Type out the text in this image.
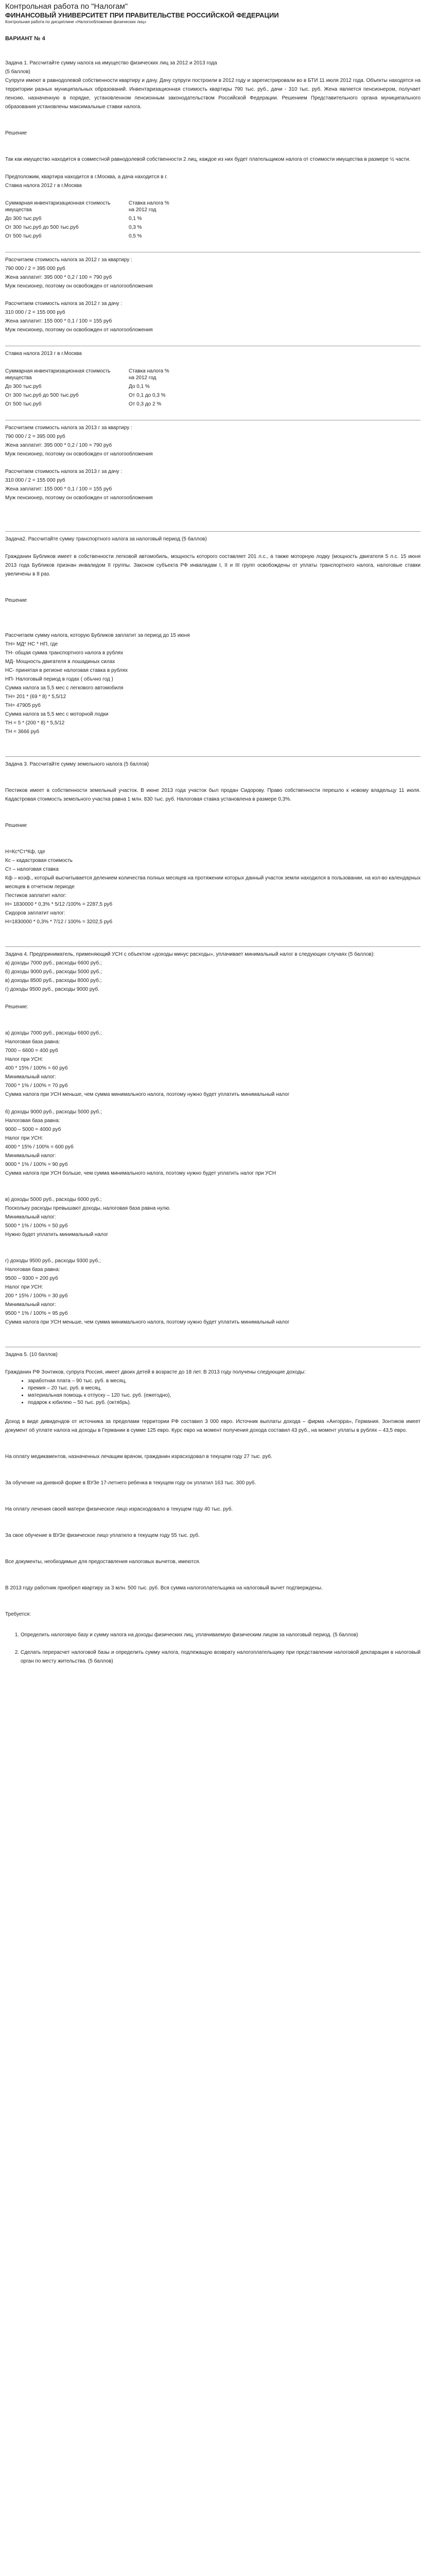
Контрольная работа по "Налогам"
ФИНАНСОВЫЙ УНИВЕРСИТЕТ ПРИ ПРАВИТЕЛЬСТВЕ РОССИЙСКОЙ ФЕДЕРАЦИИ

Контрольная работа по дисциплине «Налогообложение физических лиц»

ВАРИАНТ № 4

Задача 1. Рассчитайте сумму налога на имущество физических лиц за 2012 и 2013 года

(5 баллов)

Супруги имеют в равнодолевой собственности квартиру и дачу. Дачу супруги построили в 2012 году и зарегистрировали во в БТИ 11 июля 2012 года. Объекты находятся на территории разных муниципальных образований. Инвентаризационная стоимость квартиры 790 тыс. руб., дачи - 310 тыс. руб. Жена является пенсионером, получает пенсию, назначенную в порядке, установленном пенсионным законодательством Российской Федерации. Решением Представительного органа муниципального образования установлены максимальные ставки налога.

Решение

Так как имущество находится в совместной равнодолевой собственности 2 лиц, каждое из них будет плательщиком налога от стоимости имущества в размере ½ части.

Предположим, квартира находится в г.Москва, а дача находится в г.

Ставка налога 2012 г в г.Москва

Суммарная инвентаризационная стоимость имущества	Ставка налога % на 2012 год
До 300 тыс.руб	0,1 %
От 300 тыс.руб до 500 тыс.руб	0,3 %
От 500 тыс.руб	0,5 %

Рассчитаем стоимость налога за 2012 г за квартиру :

790 000 / 2 = 395 000 руб

Жена заплатит: 395 000 * 0,2 / 100 = 790 руб

Муж пенсионер, поэтому он освобожден от налогообложения

Рассчитаем стоимость налога за 2012 г за дачу :

310 000 / 2 = 155 000 руб

Жена заплатит: 155 000 * 0,1 / 100 = 155 руб

Муж пенсионер, поэтому он освобожден от налогообложения

Ставка налога 2013 г в г.Москва

Суммарная инвентаризационная стоимость имущества	Ставка налога % на 2012 год
До 300 тыс.руб	До 0,1 %
От 300 тыс.руб до 500 тыс.руб	От 0,1 до 0,3 %
От 500 тыс.руб	От 0,3 до 2 %

Рассчитаем стоимость налога за 2013 г за квартиру :

790 000 / 2 = 395 000 руб

Жена заплатит: 395 000 * 0,2 / 100 = 790 руб

Муж пенсионер, поэтому он освобожден от налогообложения

Рассчитаем стоимость налога за 2013 г за дачу :

310 000 / 2 = 155 000 руб

Жена заплатит: 155 000 * 0,1 / 100 = 155 руб

Муж пенсионер, поэтому он освобожден от налогообложения

Задача2. Рассчитайте сумму транспортного налога за налоговый период (5 баллов)

Гражданин Бубликов имеет в собственности легковой автомобиль, мощность которого составляет 201 л.с., а также моторную лодку (мощность двигателя 5 л.с. 15 июня 2013 года Бубликов признан инвалидом II группы. Законом субъекта РФ инвалидам I, II и III групп освобождены от уплаты транспортного налога, налоговые ставки увеличены в 8 раз.

Решение

Рассчитаем сумму налога, которую Бубликов заплатит за период до 15 июня

ТН= МД* НС * НП, где

ТН- общая сумма транспортного налога в рублях

МД- Мощность двигателя в лошадиных силах

НС- принятая в регионе налоговая ставка в рублях

НП- Налоговый период в годах ( объчно год )

Сумма налога за 5,5 мес с легкового автомобиля

ТН= 201 * (69 * 8) * 5,5/12

ТН= 47905 руб

Сумма налога за 5,5 мес с моторной лодки

ТН = 5 * (200 * 8) * 5,5/12

ТН = 3666 руб

Задача 3. Рассчитайте сумму земельного налога (5 баллов)

Пестиков имеет в собственности земельный участок. В июне 2013 года участок был продан Сидорову. Право собственности перешло к новому владельцу 11 июля. Кадастровая стоимость земельного участка равна 1 млн. 830 тыс. руб. Налоговая ставка установлена в размере 0,3%.

Решение

Н=Кс*Ст*Кф, где

Кс – кадастровая стоимость

Ст – налоговая ставка

Кф – коэф., который высчитывается делением количества полных месяцев на протяжении которых данный участок земли находился в пользовании, на кол-во календарных месяцев в отчетном периоде

Пестиков заплатит налог:

Н= 1830000 * 0,3% * 5/12 /100% = 2287,5 руб

Сидоров заплатит налог:

Н=1830000 * 0,3% * 7/12 / 100% = 3202,5 руб

Задача 4. Предприниматель, применяющий УСН с объектом «доходы минус расходы», уплачивает минимальный налог в следующих случаях (5 баллов):

а) доходы 7000 руб., расходы 6600 руб.;

б) доходы 9000 руб., расходы 5000 руб.;

в) доходы 8500 руб., расходы 8000 руб.;

г) доходы 9500 руб., расходы 9000 руб.

Решение:

а) доходы 7000 руб., расходы 6600 руб.;

Налоговая база равна:

7000 – 6600 = 400 руб

Налог при УСН:

400 * 15% / 100% = 60 руб

Минимальный налог:

7000 * 1% / 100% = 70 руб

Сумма налога при УСН меньше, чем сумма минимального налога, поэтому нужно будет уплатить минимальный налог

б) доходы 9000 руб., расходы 5000 руб.;

Налоговая база равна:

9000 – 5000 = 4000 руб

Налог при УСН:

4000 * 15% / 100% = 600 руб

Минимальный налог:

9000 * 1% / 100% = 90 руб

Сумма налога при УСН больше, чем сумма минимального налога, поэтому нужно будет уплатить налог при УСН

в) доходы 5000 руб., расходы 6000 руб.;

Поскольку расходы превышают доходы, налоговая база равна нулю.

Минимальный налог:

5000 * 1% / 100% = 50 руб

Нужно будет уплатить минимальный налог

г) доходы 9500 руб., расходы 9300 руб.;

Налоговая база равна:

9500 – 9300 = 200 руб

Налог при УСН:

200 * 15% / 100% = 30 руб

Минимальный налог:

9500 * 1% / 100% = 95 руб

Сумма налога при УСН меньше, чем сумма минимального налога, поэтому нужно будет уплатить минимальный налог

Задача 5. (10 баллов)

Гражданин РФ Зонтиков, супруга Россия, имеет двоих детей в возрасте до 18 лет. В 2013 году получены следующие доходы:

• заработная плата – 90 тыс. руб. в месяц,
• премия – 20 тыс. руб. в месяц,
• материальная помощь к отпуску – 120 тыс. руб. (ежегодно),
• подарок к юбилею – 50 тыс. руб. (октябрь).

Доход в виде дивидендов от источника за пределами территории РФ составил 3 000 евро. Источник выплаты дохода – фирма «Ангорра», Германия. Зонтиков имеет документ об уплате налога на доходы в Германии в сумме 125 евро. Курс евро на момент получения дохода составил 43 руб., на момент уплаты в рублях – 43,5 евро.

На оплату медикаментов, назначенных лечащим врачом, гражданин израсходовал в текущем году 27 тыс. руб.

За обучение на дневной форме в ВУЗе 17-летнего ребенка в текущем году он уплатил 163 тыс. 300 руб.

На оплату лечения своей матери физическое лицо израсходовало в текущем году 40 тыс. руб.

За свое обучение в ВУЗе физическое лицо уплатило в текущем году 55 тыс. руб.

Все документы, необходимые для предоставления налоговых вычетов, имеются.

В 2013 году работник приобрел квартиру за 3 млн. 500 тыс. руб. Вся сумма налогоплательщика на налоговый вычет подтверждены.

Требуется:

1. Определить налоговую базу и сумму налога на доходы физических лиц, уплачиваемую физическим лицом за налоговый период. (5 баллов)
2. Сделать перерасчет налоговой базы и определить сумму налога, подлежащую возврату налогоплательщику при представлении налоговой декларации в налоговый орган по месту жительства. (5 баллов)
